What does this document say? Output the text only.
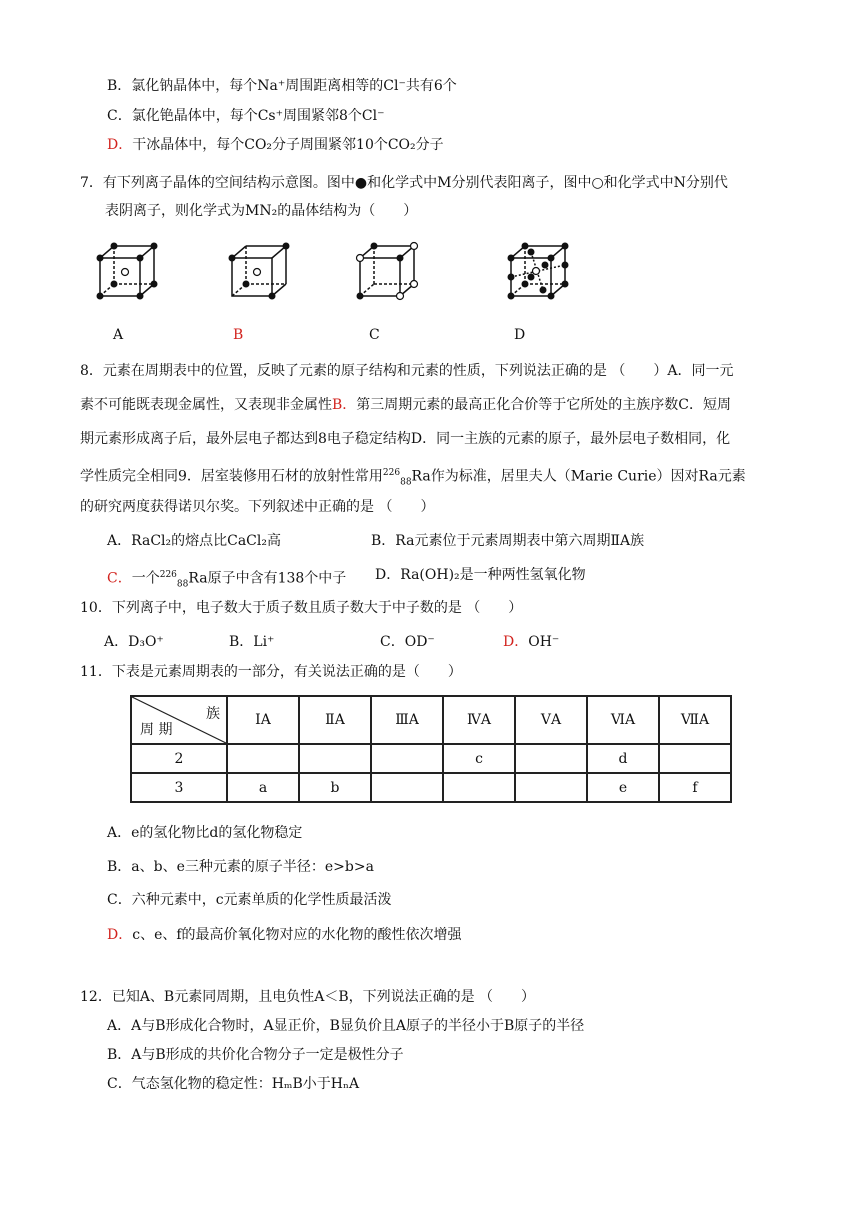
B．氯化钠晶体中，每个Na⁺周围距离相等的Cl⁻共有6个
C．氯化铯晶体中，每个Cs⁺周围紧邻8个Cl⁻
D．干冰晶体中，每个CO₂分子周围紧邻10个CO₂分子
7．有下列离子晶体的空间结构示意图。图中●和化学式中M分别代表阳离子，图中○和化学式中N分别代
表阴离子，则化学式为MN₂的晶体结构为（　　）
A	B	C	D
8．元素在周期表中的位置，反映了元素的原子结构和元素的性质，下列说法正确的是 （　　）A．同一元
素不可能既表现金属性，又表现非金属性B．第三周期元素的最高正化合价等于它所处的主族序数C．短周
期元素形成离子后，最外层电子都达到8电子稳定结构D．同一主族的元素的原子，最外层电子数相同，化
学性质完全相同9．居室装修用石材的放射性常用$^{226}_{88}$Ra作为标准，居里夫人（Marie Curie）因对Ra元素
的研究两度获得诺贝尔奖。下列叙述中正确的是 （　　）
A．RaCl₂的熔点比CaCl₂高	B．Ra元素位于元素周期表中第六周期ⅡA族
C．一个$^{226}_{88}$Ra原子中含有138个中子 D．Ra(OH)₂是一种两性氢氧化物
10．下列离子中，电子数大于质子数且质子数大于中子数的是 （　　）
A．D₃O⁺	B．Li⁺	C．OD⁻	D．OH⁻
11．下表是元素周期表的一部分，有关说法正确的是（　　）
族
周 期	ⅠA	ⅡA	ⅢA	ⅣA	ⅤA	ⅥA	ⅦA
2				c		d	
3	a	b				e	f
A．e的氢化物比d的氢化物稳定
B．a、b、e三种元素的原子半径：e>b>a
C．六种元素中，c元素单质的化学性质最活泼
D．c、e、f的最高价氧化物对应的水化物的酸性依次增强
12．已知A、B元素同周期，且电负性A＜B，下列说法正确的是 （　　）
A．A与B形成化合物时，A显正价，B显负价且A原子的半径小于B原子的半径
B．A与B形成的共价化合物分子一定是极性分子
C．气态氢化物的稳定性：HₘB小于HₙA
